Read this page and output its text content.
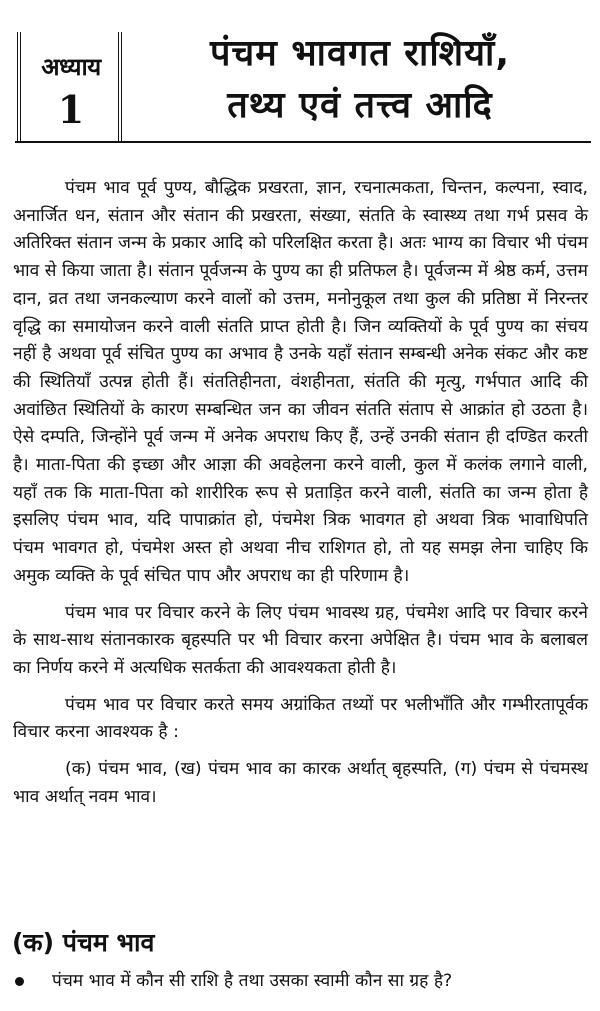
अध्याय
1
पंचम भावगत राशियाँ,
तथ्य एवं तत्त्व आदि

पंचम भाव पूर्व पुण्य, बौद्धिक प्रखरता, ज्ञान, रचनात्मकता, चिन्तन, कल्पना, स्वाद, अनार्जित धन, संतान और संतान की प्रखरता, संख्या, संतति के स्वास्थ्य तथा गर्भ प्रसव के अतिरिक्त संतान जन्म के प्रकार आदि को परिलक्षित करता है। अतः भाग्य का विचार भी पंचम भाव से किया जाता है। संतान पूर्वजन्म के पुण्य का ही प्रतिफल है। पूर्वजन्म में श्रेष्ठ कर्म, उत्तम दान, व्रत तथा जनकल्याण करने वालों को उत्तम, मनोनुकूल तथा कुल की प्रतिष्ठा में निरन्तर वृद्धि का समायोजन करने वाली संतति प्राप्त होती है। जिन व्यक्तियों के पूर्व पुण्य का संचय नहीं है अथवा पूर्व संचित पुण्य का अभाव है उनके यहाँ संतान सम्बन्धी अनेक संकट और कष्ट की स्थितियाँ उत्पन्न होती हैं। संततिहीनता, वंशहीनता, संतति की मृत्यु, गर्भपात आदि की अवांछित स्थितियों के कारण सम्बन्धित जन का जीवन संतति संताप से आक्रांत हो उठता है। ऐसे दम्पति, जिन्होंने पूर्व जन्म में अनेक अपराध किए हैं, उन्हें उनकी संतान ही दण्डित करती है। माता-पिता की इच्छा और आज्ञा की अवहेलना करने वाली, कुल में कलंक लगाने वाली, यहाँ तक कि माता-पिता को शारीरिक रूप से प्रताड़ित करने वाली, संतति का जन्म होता है इसलिए पंचम भाव, यदि पापाक्रांत हो, पंचमेश त्रिक भावगत हो अथवा त्रिक भावाधिपति पंचम भावगत हो, पंचमेश अस्त हो अथवा नीच राशिगत हो, तो यह समझ लेना चाहिए कि अमुक व्यक्ति के पूर्व संचित पाप और अपराध का ही परिणाम है।

पंचम भाव पर विचार करने के लिए पंचम भावस्थ ग्रह, पंचमेश आदि पर विचार करने के साथ-साथ संतानकारक बृहस्पति पर भी विचार करना अपेक्षित है। पंचम भाव के बलाबल का निर्णय करने में अत्यधिक सतर्कता की आवश्यकता होती है।

पंचम भाव पर विचार करते समय अग्रांकित तथ्यों पर भलीभाँति और गम्भीरतापूर्वक विचार करना आवश्यक है :

(क) पंचम भाव, (ख) पंचम भाव का कारक अर्थात् बृहस्पति, (ग) पंचम से पंचमस्थ भाव अर्थात् नवम भाव।

(क) पंचम भाव
पंचम भाव में कौन सी राशि है तथा उसका स्वामी कौन सा ग्रह है?
